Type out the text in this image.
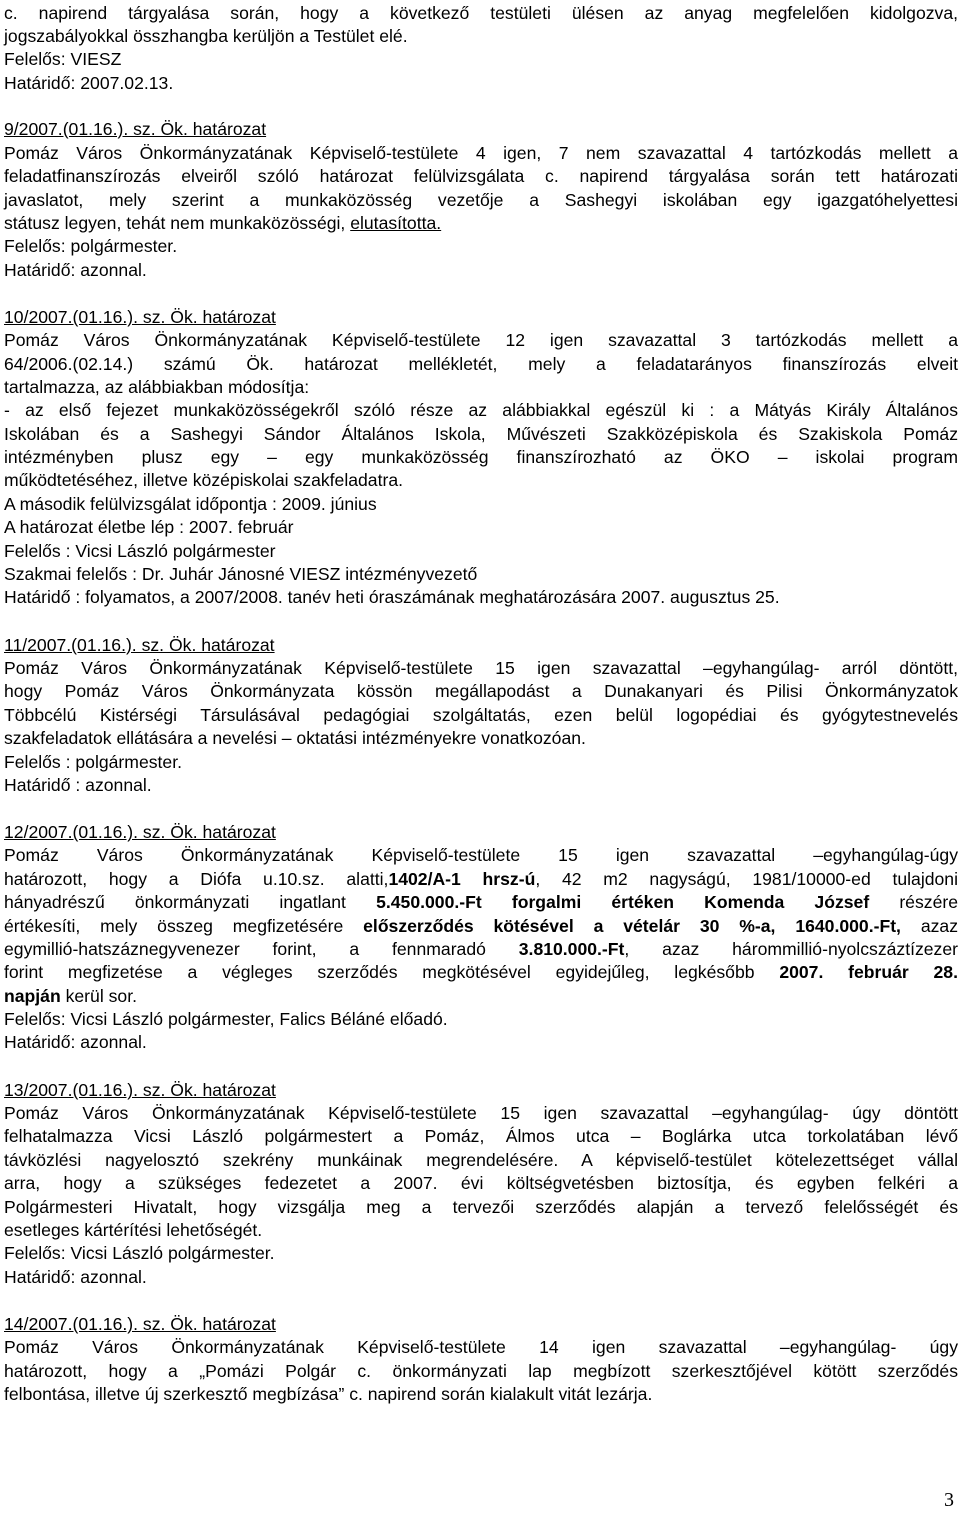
c. napirend tárgyalása során, hogy a következő testületi ülésen az anyag megfelelően kidolgozva,
jogszabályokkal összhangba kerüljön a Testület elé.
Felelős: VIESZ
Határidő: 2007.02.13.
9/2007.(01.16.). sz. Ök. határozat
Pomáz Város Önkormányzatának Képviselő-testülete 4 igen, 7 nem szavazattal 4 tartózkodás mellett a
feladatfinanszírozás elveiről szóló határozat felülvizsgálata c. napirend tárgyalása során tett határozati
javaslatot, mely szerint a munkaközösség vezetője a Sashegyi iskolában egy igazgatóhelyettesi
státusz legyen, tehát nem munkaközösségi, elutasította.
Felelős: polgármester.
Határidő: azonnal.
10/2007.(01.16.). sz. Ök. határozat
Pomáz Város Önkormányzatának Képviselő-testülete 12 igen szavazattal 3 tartózkodás mellett a
64/2006.(02.14.) számú Ök. határozat mellékletét, mely a feladatarányos finanszírozás elveit
tartalmazza, az alábbiakban módosítja:
- az első fejezet munkaközösségekről szóló része az alábbiakkal egészül ki : a Mátyás Király Általános
Iskolában és a Sashegyi Sándor Általános Iskola, Művészeti Szakközépiskola és Szakiskola Pomáz
intézményben plusz egy – egy munkaközösség finanszírozható az ÖKO – iskolai program
működtetéséhez, illetve középiskolai szakfeladatra.
A második felülvizsgálat időpontja : 2009. június
A határozat életbe lép : 2007. február
Felelős : Vicsi László polgármester
Szakmai felelős : Dr. Juhár Jánosné VIESZ intézményvezető
Határidő : folyamatos, a 2007/2008. tanév heti óraszámának meghatározására 2007. augusztus 25.
11/2007.(01.16.). sz. Ök. határozat
Pomáz Város Önkormányzatának Képviselő-testülete 15 igen szavazattal –egyhangúlag- arról döntött,
hogy Pomáz Város Önkormányzata kössön megállapodást a Dunakanyari és Pilisi Önkormányzatok
Többcélú Kistérségi Társulásával pedagógiai szolgáltatás, ezen belül logopédiai és gyógytestnevelés
szakfeladatok ellátására a nevelési – oktatási intézményekre vonatkozóan.
Felelős : polgármester.
Határidő : azonnal.
12/2007.(01.16.). sz. Ök. határozat
Pomáz Város Önkormányzatának Képviselő-testülete 15 igen szavazattal –egyhangúlag-úgy
határozott, hogy a Diófa u.10.sz. alatti,1402/A-1 hrsz-ú, 42 m2 nagyságú, 1981/10000-ed tulajdoni
hányadrészű önkormányzati ingatlant 5.450.000.-Ft forgalmi értéken Komenda József részére
értékesíti, mely összeg megfizetésére előszerződés kötésével a vételár 30 %-a, 1640.000.-Ft, azaz
egymillió-hatszáznegyvenezer forint, a fennmaradó 3.810.000.-Ft, azaz hárommillió-nyolcszáztízezer
forint megfizetése a végleges szerződés megkötésével egyidejűleg, legkésőbb 2007. február 28.
napján kerül sor.
Felelős: Vicsi László polgármester, Falics Béláné előadó.
Határidő: azonnal.
13/2007.(01.16.). sz. Ök. határozat
Pomáz Város Önkormányzatának Képviselő-testülete 15 igen szavazattal –egyhangúlag- úgy döntött
felhatalmazza Vicsi László polgármestert a Pomáz, Álmos utca – Boglárka utca torkolatában lévő
távközlési nagyelosztó szekrény munkáinak megrendelésére. A képviselő-testület kötelezettséget vállal
arra, hogy a szükséges fedezetet a 2007. évi költségvetésben biztosítja, és egyben felkéri a
Polgármesteri Hivatalt, hogy vizsgálja meg a tervezői szerződés alapján a tervező felelősségét és
esetleges kártérítési lehetőségét.
Felelős: Vicsi László polgármester.
Határidő: azonnal.
14/2007.(01.16.). sz. Ök. határozat
Pomáz Város Önkormányzatának Képviselő-testülete 14 igen szavazattal –egyhangúlag- úgy
határozott, hogy a „Pomázi Polgár c. önkormányzati lap megbízott szerkesztőjével kötött szerződés
felbontása, illetve új szerkesztő megbízása” c. napirend során kialakult vitát lezárja.
3
